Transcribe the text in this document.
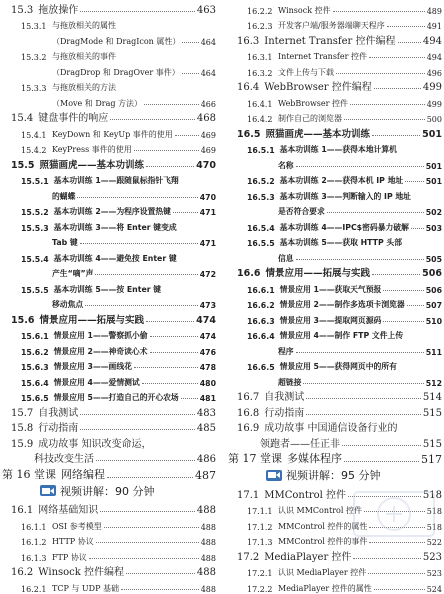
15.3 拖放操作	463
15.3.1 与拖放相关的属性
（DragMode 和 DragIcon 属性）	464
15.3.2 与拖放相关的事件
（DragDrop 和 DragOver 事件）	464
15.3.3 与拖放相关的方法
（Move 和 Drag 方法）	466
15.4 键盘事件的响应	468
15.4.1 KeyDown 和 KeyUp 事件的使用	469
15.4.2 KeyPress 事件的使用	469
15.5 照猫画虎——基本功训练	470
15.5.1 基本功训练 1——跟随鼠标指针飞翔
的蝴蝶	470
15.5.2 基本功训练 2——为程序设置热键	471
15.5.3 基本功训练 3——将 Enter 键变成
Tab 键	471
15.5.4 基本功训练 4——避免按 Enter 键
产生“嘀”声	472
15.5.5 基本功训练 5——按 Enter 键
移动焦点	473
15.6 情景应用——拓展与实践	474
15.6.1 情景应用 1——警察抓小偷	474
15.6.2 情景应用 2——神奇读心术	476
15.6.3 情景应用 3——画线花	478
15.6.4 情景应用 4——爱情测试	480
15.6.5 情景应用 5——打造自己的开心农场	481
15.7 自我测试	483
15.8 行动指南	485
15.9 成功故事 知识改变命运，
科技改变生活	486
第 16 堂课 网络编程	487
视频讲解：90 分钟
16.1 网络基础知识	488
16.1.1 OSI 参考模型	488
16.1.2 HTTP 协议	488
16.1.3 FTP 协议	488
16.2 Winsock 控件编程	488
16.2.1 TCP 与 UDP 基础	488
16.2.2 Winsock 控件	489
16.2.3 开发客户端/服务器端聊天程序	491
16.3 Internet Transfer 控件编程	494
16.3.1 Internet Transfer 控件	494
16.3.2 文件上传与下载	496
16.4 WebBrowser 控件编程	499
16.4.1 WebBrowser 控件	499
16.4.2 制作自己的浏览器	500
16.5 照猫画虎——基本功训练	501
16.5.1 基本功训练 1——获得本地计算机
名称	501
16.5.2 基本功训练 2——获得本机 IP 地址	501
16.5.3 基本功训练 3——判断输入的 IP 地址
是否符合要求	502
16.5.4 基本功训练 4——IPC$密码暴力破解 503
16.5.5 基本功训练 5——获取 HTTP 头部
信息	505
16.6 情景应用——拓展与实践	506
16.6.1 情景应用 1——获取天气预报	506
16.6.2 情景应用 2——制作多选项卡浏览器	507
16.6.3 情景应用 3——提取网页源码	510
16.6.4 情景应用 4——制作 FTP 文件上传
程序	511
16.6.5 情景应用 5——获得网页中的所有
超链接	512
16.7 自我测试	514
16.8 行动指南	515
16.9 成功故事 中国通信设备行业的
领跑者——任正非	515
第 17 堂课 多媒体程序	517
视频讲解：95 分钟
17.1 MMControl 控件	518
17.1.1 认识 MMControl 控件	518
17.1.2 MMControl 控件的属性	518
17.1.3 MMControl 控件的事件	522
17.2 MediaPlayer 控件	523
17.2.1 认识 MediaPlayer 控件	523
17.2.2 MediaPlayer 控件的属性	524
